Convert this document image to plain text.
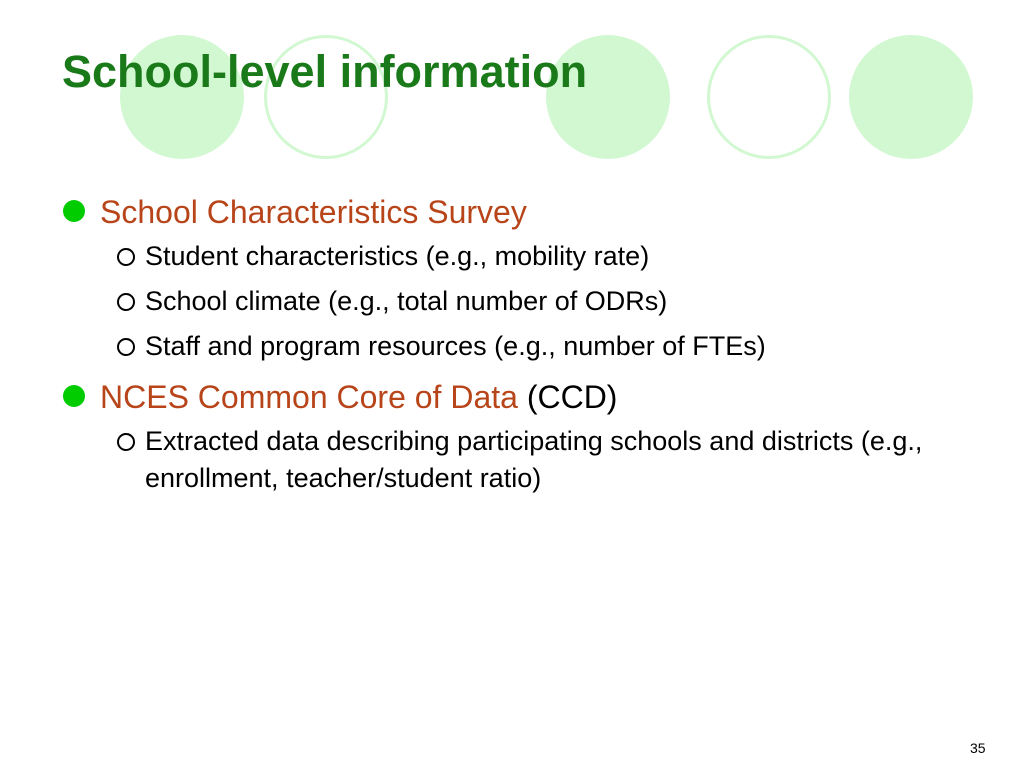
School-level information
School Characteristics Survey
Student characteristics (e.g., mobility rate)
School climate (e.g., total number of ODRs)
Staff and program resources (e.g., number of FTEs)
NCES Common Core of Data (CCD)
Extracted data describing participating schools and districts (e.g., enrollment, teacher/student ratio)
35
